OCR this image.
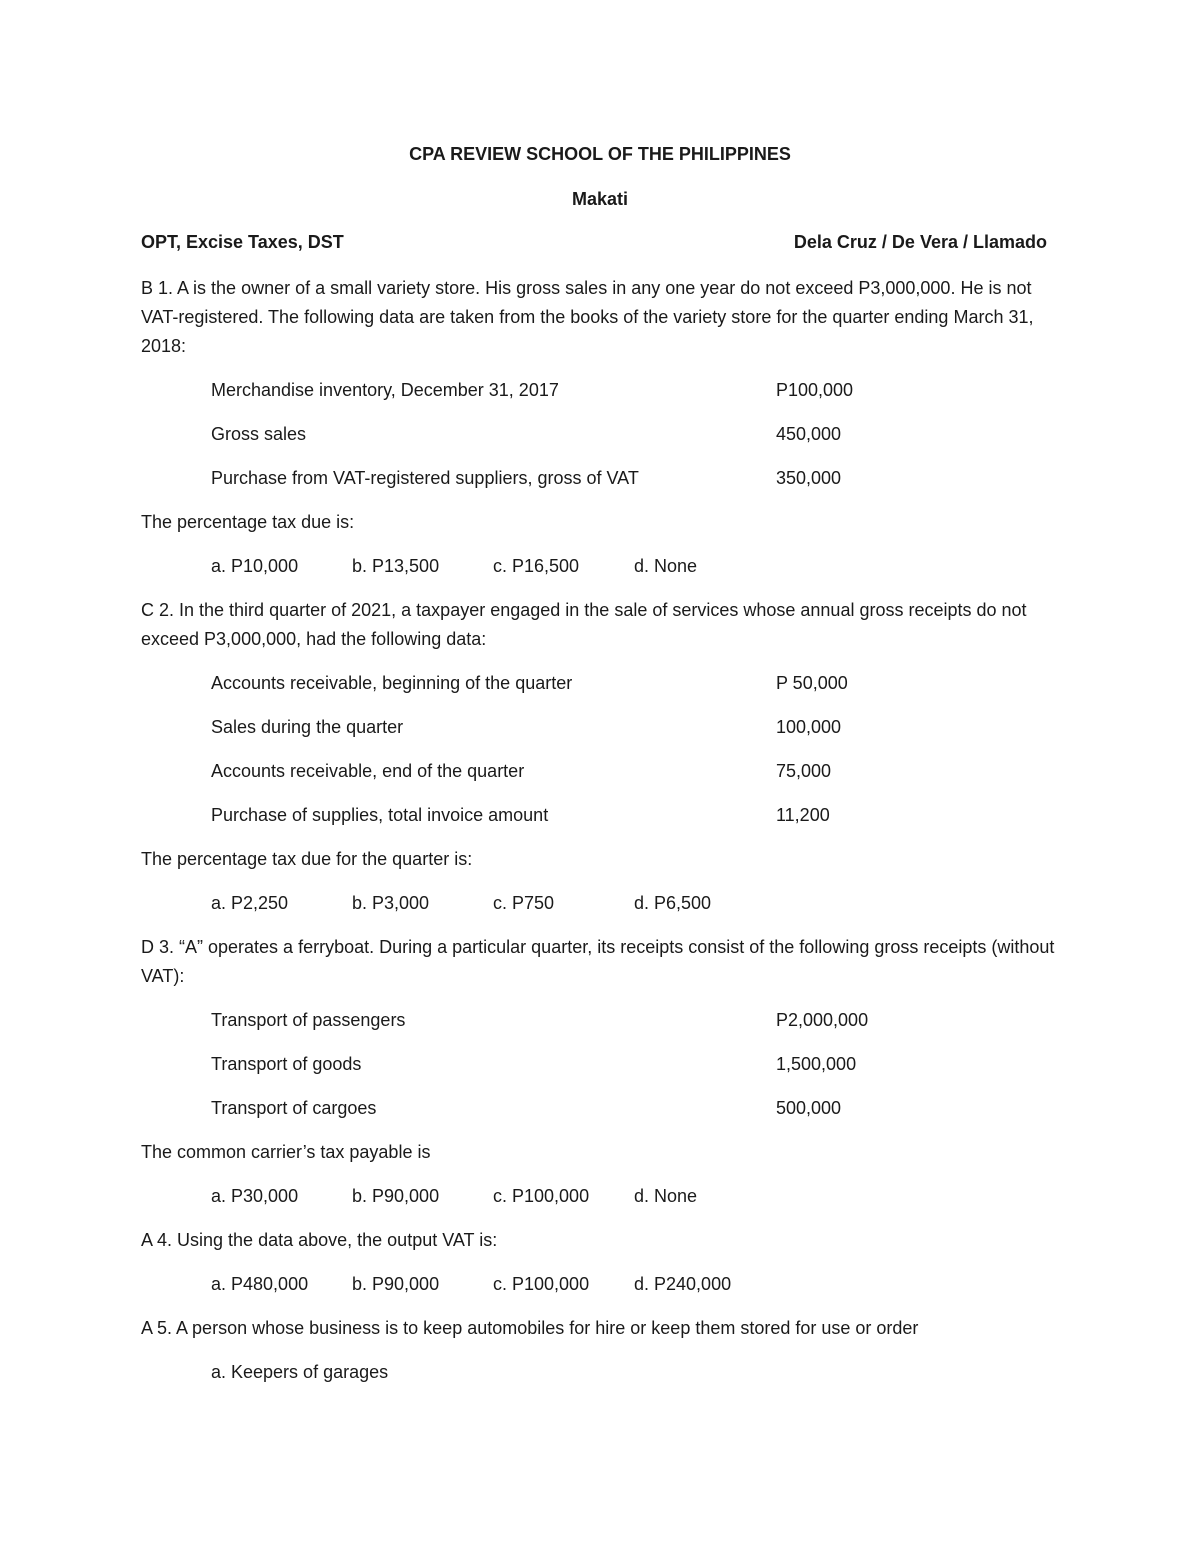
CPA REVIEW SCHOOL OF THE PHILIPPINES
Makati
OPT, Excise Taxes, DST	Dela Cruz / De Vera / Llamado

B 1. A is the owner of a small variety store. His gross sales in any one year do not exceed P3,000,000. He is not VAT-registered. The following data are taken from the books of the variety store for the quarter ending March 31, 2018:

Merchandise inventory, December 31, 2017	P100,000
Gross sales	450,000
Purchase from VAT-registered suppliers, gross of VAT	350,000

The percentage tax due is:

a. P10,000	b. P13,500	c. P16,500	d. None

C 2. In the third quarter of 2021, a taxpayer engaged in the sale of services whose annual gross receipts do not exceed P3,000,000, had the following data:

Accounts receivable, beginning of the quarter	P 50,000
Sales during the quarter	100,000
Accounts receivable, end of the quarter	75,000
Purchase of supplies, total invoice amount	11,200

The percentage tax due for the quarter is:

a. P2,250	b. P3,000	c. P750	d. P6,500

D 3. “A” operates a ferryboat. During a particular quarter, its receipts consist of the following gross receipts (without VAT):

Transport of passengers	P2,000,000
Transport of goods	1,500,000
Transport of cargoes	500,000

The common carrier’s tax payable is

a. P30,000	b. P90,000	c. P100,000	d. None

A 4. Using the data above, the output VAT is:

a. P480,000	b. P90,000	c. P100,000	d. P240,000

A 5. A person whose business is to keep automobiles for hire or keep them stored for use or order

a. Keepers of garages
